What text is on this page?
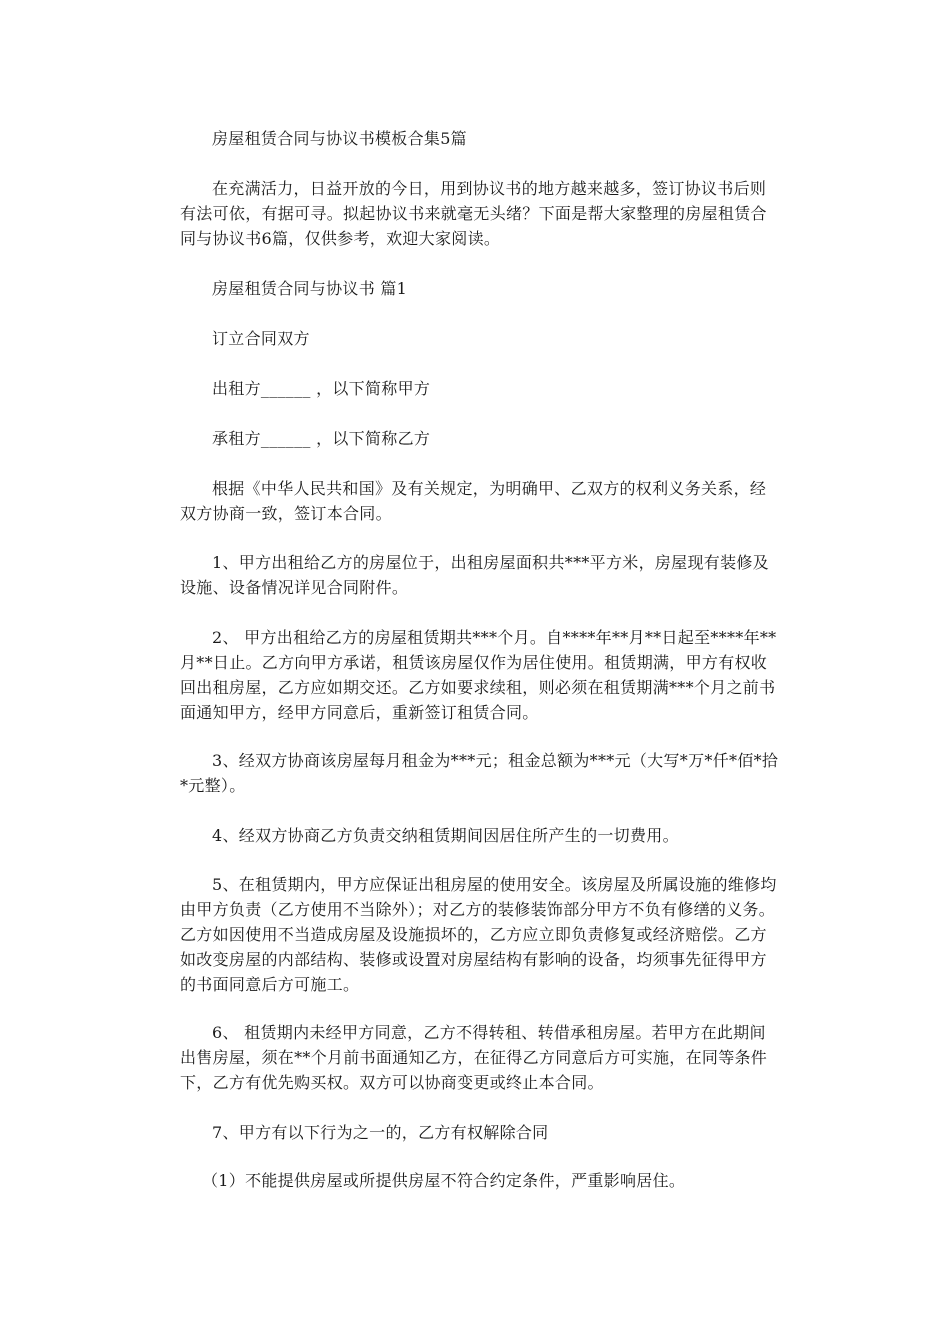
房屋租赁合同与协议书模板合集5篇
在充满活力，日益开放的今日，用到协议书的地方越来越多，签订协议书后则有法可依，有据可寻。拟起协议书来就毫无头绪？下面是帮大家整理的房屋租赁合同与协议书6篇，仅供参考，欢迎大家阅读。
房屋租赁合同与协议书 篇1
订立合同双方
出租方______ ，以下简称甲方
承租方______ ，以下简称乙方
根据《中华人民共和国》及有关规定，为明确甲、乙双方的权利义务关系，经双方协商一致，签订本合同。
1、甲方出租给乙方的房屋位于，出租房屋面积共***平方米，房屋现有装修及设施、设备情况详见合同附件。
2、 甲方出租给乙方的房屋租赁期共***个月。自****年**月**日起至****年**月**日止。乙方向甲方承诺，租赁该房屋仅作为居住使用。租赁期满，甲方有权收回出租房屋，乙方应如期交还。乙方如要求续租，则必须在租赁期满***个月之前书面通知甲方，经甲方同意后，重新签订租赁合同。
3、经双方协商该房屋每月租金为***元；租金总额为***元（大写*万*仟*佰*拾*元整）。
4、经双方协商乙方负责交纳租赁期间因居住所产生的一切费用。
5、在租赁期内，甲方应保证出租房屋的使用安全。该房屋及所属设施的维修均由甲方负责（乙方使用不当除外）；对乙方的装修装饰部分甲方不负有修缮的义务。乙方如因使用不当造成房屋及设施损坏的，乙方应立即负责修复或经济赔偿。乙方如改变房屋的内部结构、装修或设置对房屋结构有影响的设备，均须事先征得甲方的书面同意后方可施工。
6、 租赁期内未经甲方同意，乙方不得转租、转借承租房屋。若甲方在此期间出售房屋，须在**个月前书面通知乙方，在征得乙方同意后方可实施，在同等条件下，乙方有优先购买权。双方可以协商变更或终止本合同。
7、甲方有以下行为之一的，乙方有权解除合同
（1）不能提供房屋或所提供房屋不符合约定条件，严重影响居住。
